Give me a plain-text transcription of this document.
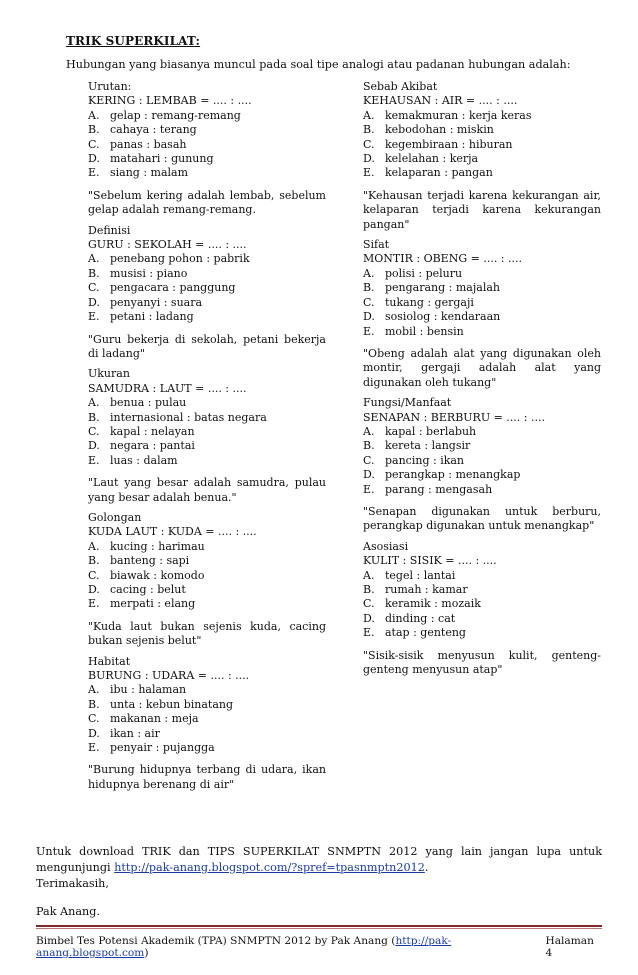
TRIK SUPERKILAT:
Hubungan yang biasanya muncul pada soal tipe analogi atau padanan hubungan adalah:
Urutan:
KERING : LEMBAB = .... : ....
A. gelap : remang-remang
B. cahaya : terang
C. panas : basah
D. matahari : gunung
E. siang : malam
"Sebelum kering adalah lembab, sebelum gelap adalah remang-remang.
Definisi
GURU : SEKOLAH = .... : ....
A. penebang pohon : pabrik
B. musisi : piano
C. pengacara : panggung
D. penyanyi : suara
E. petani : ladang
"Guru bekerja di sekolah, petani bekerja di ladang"
Ukuran
SAMUDRA : LAUT = .... : ....
A. benua : pulau
B. internasional : batas negara
C. kapal : nelayan
D. negara : pantai
E. luas : dalam
"Laut yang besar adalah samudra, pulau yang besar adalah benua."
Golongan
KUDA LAUT : KUDA = .... : ....
A. kucing : harimau
B. banteng : sapi
C. biawak : komodo
D. cacing : belut
E. merpati : elang
"Kuda laut bukan sejenis kuda, cacing bukan sejenis belut"
Habitat
BURUNG : UDARA = .... : ....
A. ibu : halaman
B. unta : kebun binatang
C. makanan : meja
D. ikan : air
E. penyair : pujangga
"Burung hidupnya terbang di udara, ikan hidupnya berenang di air"
Sebab Akibat
KEHAUSAN : AIR = .... : ....
A. kemakmuran : kerja keras
B. kebodohan : miskin
C. kegembiraan : hiburan
D. kelelahan : kerja
E. kelaparan : pangan
"Kehausan terjadi karena kekurangan air, kelaparan terjadi karena kekurangan pangan"
Sifat
MONTIR : OBENG = .... : ....
A. polisi : peluru
B. pengarang : majalah
C. tukang : gergaji
D. sosiolog : kendaraan
E. mobil : bensin
"Obeng adalah alat yang digunakan oleh montir, gergaji adalah alat yang digunakan oleh tukang"
Fungsi/Manfaat
SENAPAN : BERBURU = .... : ....
A. kapal : berlabuh
B. kereta : langsir
C. pancing : ikan
D. perangkap : menangkap
E. parang : mengasah
"Senapan digunakan untuk berburu, perangkap digunakan untuk menangkap"
Asosiasi
KULIT : SISIK = .... : ....
A. tegel : lantai
B. rumah : kamar
C. keramik : mozaik
D. dinding : cat
E. atap : genteng
"Sisik-sisik menyusun kulit, genteng-genteng menyusun atap"
Untuk download TRIK dan TIPS SUPERKILAT SNMPTN 2012 yang lain jangan lupa untuk mengunjungi http://pak-anang.blogspot.com/?spref=tpasnmptn2012.
Terimakasih,
Pak Anang.
Bimbel Tes Potensi Akademik (TPA) SNMPTN 2012 by Pak Anang (http://pak-anang.blogspot.com)
Halaman 4
